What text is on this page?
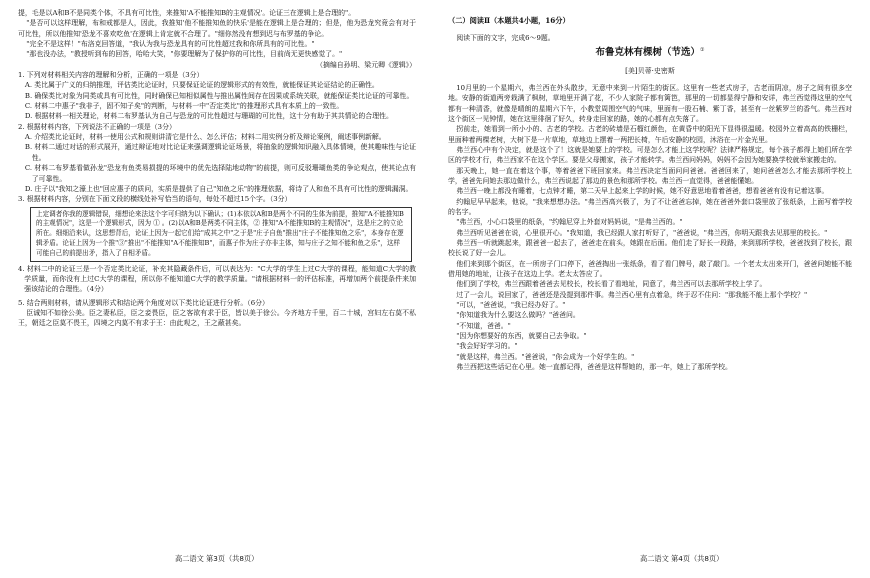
提，毛是以A和B不是同类个体，不具有可比性，来推知'A不能推知B的主观情况'。论证三在逻辑上是合理的"。

"是否可以这样理解，布和戒都是人，因此，我推知'他不能推知鱼的快乐'是能在逻辑上是合理的；但是，他为恐龙究竟会有对于可比性，所以他推知'恐龙不喜欢吃鱼'在逻辑上肯定就不合理了。"细你然没有想到迟与布罗基的争论。

"完全不是这样！"布洛克回答道，"我认为我与恐龙具有的可比性超过我和你所具有的可比性。"

"那也没办法，"教授听到布的回答，哈哈大笑，"你要理解为了保护你的可比性，目前尚无更快感觉了。"

（摘编自孙明、梁元卿《逻辑》）

1. 下列对材料相关内容的理解和分析，正确的一项是（3分）

A. 类比属于广义的归纳推理，评估类比论证时，只要保证论证的逻辑形式的有效性，就能保证其论证结论的正确性。

B. 确保类比对象为同类或具有可比性，同时确保已知相似属性与推出属性间存在因果或系统关联，就能保证类比论证的可靠性。

C. 材料二中惠子"我非子，固不知子矣"的判断，与材料一中"否定类比"的推理形式具有本质上的一致性。

D. 根据材料一相关理论，材料二布罗基认为自己与恐龙的可比性超过与珊瑚的可比性，这十分有助于其共情论的合理性。

2. 根据材料内容，下列说法不正确的一项是（3分）

A. 介绍类比论证时，材料一使用公式和规则讲清它是什么、怎么评估；材料二用实例分析及辩论案例，阐述事例新解。

B. 材料二通过对话的形式展开，通过辩证地对比论证来强调逻辑论证场景，将抽象的逻辑知识融入具体情境，使其趣味性与论证性。

C. 材料二布罗基看做孙龙"恐龙有鱼类易损提的环境中的优先选择陆地动物"的前提，则可反驳珊瑚鱼类的争论观点，使其论点有了可靠性。

D. 庄子以"我知之濠上也"回应惠子的质问，实质是提供了自己"知鱼之乐"的推理依据，将诗了人和鱼不具有可比性的逻辑漏洞。

3. 根据材料内容，分别在下面文段的横线处补写恰当的语句，每处不超过15个字。（3分）

上定调者你我的逻辑错误，细想论来法这个字可归纳为以下确认；(1)本依以A和B是两个不同的生体为前提，推知"A不能推知B的主观情况"，这是一个逻辑形式，因为 ① 。(2)以A和B是两类不同主体，② 推知"A不能推知B的主观情况"，这是庄之的立论所在。细细沿来认，这思想背后，论证上因为一起它们给"成其之中"之于是"庄子自鱼"推出"庄子不能推知鱼之乐"，本身存在逻辑矛盾。论证上因为一个推"③"推出"不能推知"A不能推知B"，而惠子作为庄子亦非主体，知与庄子之知不能和鱼之乐"，这样可能自己的前提出矛，指入了自相矛盾。

4. 材料二中的论证三是一个否定类比论证，补充其隐藏条件后，可以表达为："C大学的学生上过C大学的课程，能知道C大学的教学质量，而你没有上过C大学的课程，所以你不能知道C大学的教学质量。"请根据材料一的评估标准，再增加两个前提条件来加强该结论的合理性。（4分）

5. 结合两则材料，请从逻辑形式和结论两个角度对以下类比论证进行分析。（6分）

臣诚知不如徐公美。臣之妻私臣，臣之妾畏臣，臣之客欲有求于臣，皆以美于徐公。今齐地方千里，百二十城，宫妇左右莫不私王，朝廷之臣莫不畏王，四境之内莫不有求于王：由此观之，王之蔽甚矣。

（二）阅读Ⅱ（本题共4小题，16分）

阅读下面的文字，完成6～9题。

布鲁克林有棵树（节选）①

[美]贝蒂·史密斯

10月里的一个星期六，弗兰西在外头散步，无意中来到一片陌生的街区。这里有一些老式房子，古老而阴凉，房子之间有很多空地。安静的街道两旁栽满了枫树，草地里开满了花，不少人家院子都有篱笆，那里的一切都显得宁静和安详，弗兰西觉得这里的空气都有一种清香，就像是晴朗的星期六下午，小教堂周围空气的气味，里面有一股石楠、紫丁香，甚至有一丝紫罗兰的香气。弗兰西对这个街区一见钟情，她在这里徘徊了好久，转身走回家的路，她的心都有点失落了。

拐前走，她看到一所小小的、古老的学校。古老的砖墙是石榴红颜色，在黄昏中的阳光下显得很温暖。校园外立着高高的铁栅栏，里面种着两棵老树，大树下是一片草地，草地边上摆着一两把长椅，午后安静的校园，沐浴在一片金光里。

弗兰西心中有个决定，就是这个了！这就是她要上的学校。可是怎么才能上这学校呢？法律严格规定，每个孩子都得上她们所在学区的学校才行，弗兰西家不在这个学区。要是父母搬家，孩子才能转学。弗兰西问妈妈，妈妈不会因为她要换学校就举家搬走的。

那天晚上，她一直在着这个事，等着爸爸下班回家来。弗兰西决定当面问问爸爸。爸爸回来了，她问爸爸怎么才能去那所学校上学，爸爸先问她去那边做什么，弗兰西说起了那边的景色和那所学校。弗兰西一直觉得，爸爸能懂她。

弗兰西一晚上都没有睡着，七点钟才睡，第二天早上起来上学的时候，她不好意思地看着爸爸，想看爸爸有没有记着这事。

约翰尼早早起来，他说，"我来想想办法。"弗兰西高兴极了，为了不让爸爸忘掉，她在爸爸外套口袋里放了张纸条，上面写着学校的名字。

"弗兰西，小心口袋里的纸条，"约翰尼穿上外套对妈妈说，"是弗兰西的。"

弗兰西听见爸爸在说，心里很开心。"我知道，我已经跟人家打听好了，"爸爸说，"弗兰西，你明天跟我去见那里的校长。"

弗兰西一听就跳起来，跟爸爸一起去了，爸爸走在前头，她跟在后面。他们走了好长一段路，来到那所学校，爸爸找到了校长，跟校长说了好一会儿。

他们来到那个街区，在一所房子门口停下，爸爸掏出一张纸条，看了看门牌号，敲了敲门。一个老太太出来开门，爸爸问她能不能借用她的地址，让孩子在这边上学。老太太答应了。

他们到了学校，弗兰西跟着爸爸去见校长，校长看了看地址，同意了，弗兰西可以去那所学校上学了。

过了一会儿，说回家了，爸爸还是没提到那件事。弗兰西心里有点着急，终于忍不住问："那我能不能上那个学校？"

"可以，"爸爸说，"我已经办好了。"

"你知道我为什么要这么做吗？"爸爸问。

"不知道，爸爸。"

"因为你想要好的东西，就要自己去争取。"

"我会好好学习的。"

"就是这样，弗兰西。"爸爸说，"你会成为一个好学生的。"

弗兰西把这些话记在心里。她一直都记得，爸爸是这样帮她的，那一年，她上了那所学校。

高二语文 第3页（共8页）	高二语文 第4页（共8页）
